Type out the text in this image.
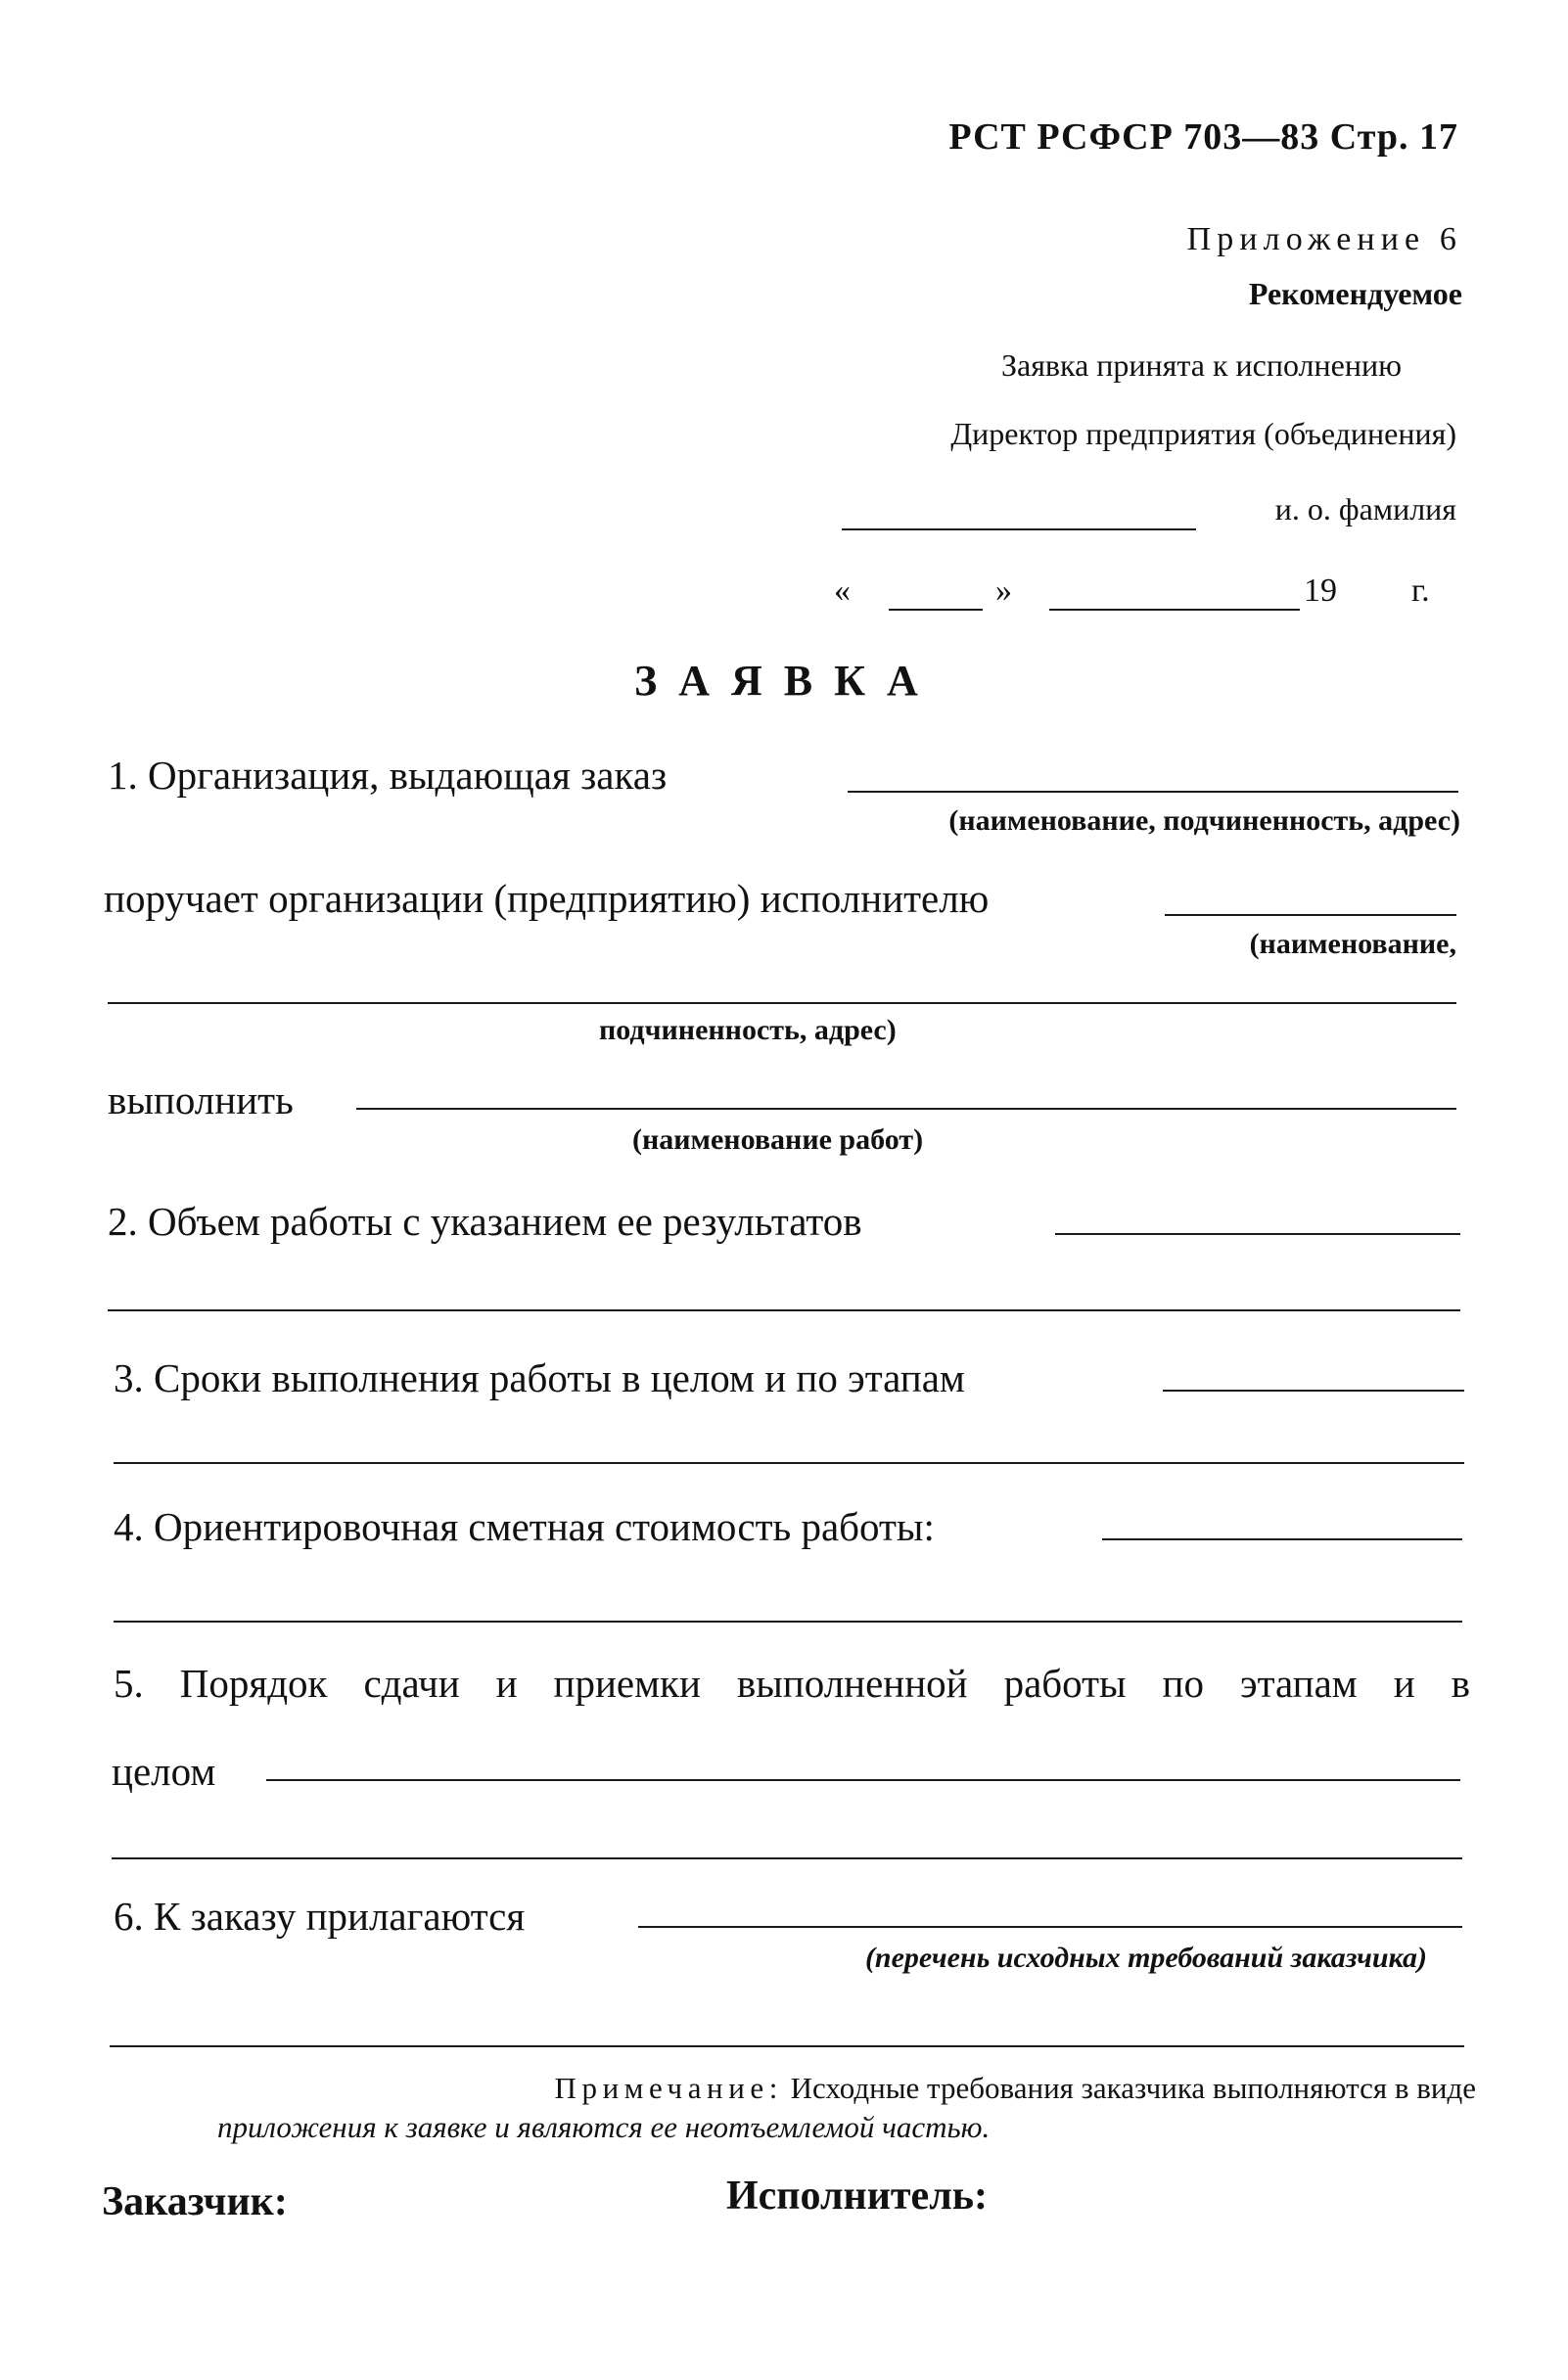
РСТ РСФСР 703—83 Стр. 17
Приложение 6
Рекомендуемое
Заявка принята к исполнению
Директор предприятия (объединения)
и. о. фамилия
«	»	19 г.
ЗАЯВКА
1. Организация, выдающая заказ
(наименование, подчиненность, адрес)
поручает организации (предприятию) исполнителю
(наименование,
подчиненность, адрес)
выполнить
(наименование работ)
2. Объем работы с указанием ее результатов
3. Сроки выполнения работы в целом и по этапам
4. Ориентировочная сметная стоимость работы:
5. Порядок сдачи и приемки выполненной работы по этапам и в
целом
6. К заказу прилагаются
(перечень исходных требований заказчика)
Примечание: Исходные требования заказчика выполняются в виде
приложения к заявке и являются ее неотъемлемой частью.
Заказчик:	Исполнитель:
